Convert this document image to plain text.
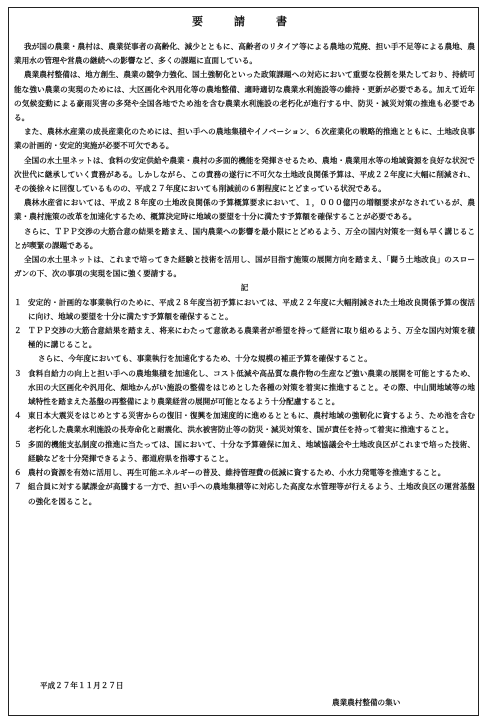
要　請　書

我が国の農業・農村は、農業従事者の高齢化、減少とともに、高齢者のリタイア等による農地の荒廃、担い手不足等による農地、農業用水の管理や営農の継続への影響など、多くの課題に直面している。

農業農村整備は、地方創生、農業の競争力強化、国土強靭化といった政策課題への対応において重要な役割を果たしており、持続可能な強い農業の実現のためには、大区画化や汎用化等の農地整備、適時適切な農業水利施設等の維持・更新が必要である。加えて近年の気候変動による豪雨災害の多発や全国各地でため池を含む農業水利施設の老朽化が進行する中、防災・減災対策の推進も必要である。

また、農林水産業の成長産業化のためには、担い手への農地集積やイノベーション、６次産業化の戦略的推進とともに、土地改良事業の計画的・安定的実施が必要不可欠である。

全国の水土里ネットは、食料の安定供給や農業・農村の多面的機能を発揮させるため、農地・農業用水等の地域資源を良好な状況で次世代に継承していく責務がある。しかしながら、この責務の遂行に不可欠な土地改良関係予算は、平成２２年度に大幅に削減され、その後徐々に回復しているものの、平成２７年度においても削減前の６割程度にとどまっている状況である。

農林水産省においては、平成２８年度の土地改良関係の予算概算要求において、１，０００億円の増額要求がなされているが、農業・農村施策の改革を加速化するため、概算決定時に地域の要望を十分に満たす予算額を確保することが必要である。

さらに、ＴＰＰ交渉の大筋合意の結果を踏まえ、国内農業への影響を最小限にとどめるよう、万全の国内対策を一刻も早く講じることが喫緊の課題である。

全国の水土里ネットは、これまで培ってきた経験と技術を活用し、国が目指す施策の展開方向を踏まえ、「闘う土地改良」のスローガンの下、次の事項の実現を国に強く要請する。

記

１ 安定的・計画的な事業執行のために、平成２８年度当初予算においては、平成２２年度に大幅削減された土地改良関係予算の復活に向け、地域の要望を十分に満たす予算額を確保すること。
２ ＴＰＰ交渉の大筋合意結果を踏まえ、将来にわたって意欲ある農業者が希望を持って経営に取り組めるよう、万全な国内対策を積極的に講じること。

さらに、今年度においても、事業執行を加速化するため、十分な規模の補正予算を確保すること。

３ 食料自給力の向上と担い手への農地集積を加速化し、コスト低減や高品質な農作物の生産など強い農業の展開を可能とするため、水田の大区画化や汎用化、畑地かんがい施設の整備をはじめとした各種の対策を着実に推進すること。その際、中山間地域等の地域特性を踏まえた基盤の再整備により農業経営の展開が可能となるよう十分配慮すること。
４ 東日本大震災をはじめとする災害からの復旧・復興を加速度的に進めるとともに、農村地域の強靭化に資するよう、ため池を含む老朽化した農業水利施設の長寿命化と耐震化、洪水被害防止等の防災・減災対策を、国が責任を持って着実に推進すること。
５ 多面的機能支払制度の推進に当たっては、国において、十分な予算確保に加え、地域協議会や土地改良区がこれまで培った技術、経験などを十分発揮できるよう、都道府県を指導すること。
６ 農村の資源を有効に活用し、再生可能エネルギーの普及、維持管理費の低減に資するため、小水力発電等を推進すること。
７ 組合員に対する賦課金が高騰する一方で、担い手への農地集積等に対応した高度な水管理等が行えるよう、土地改良区の運営基盤の強化を図ること。
平成２７年１１月２７日
農業農村整備の集い
